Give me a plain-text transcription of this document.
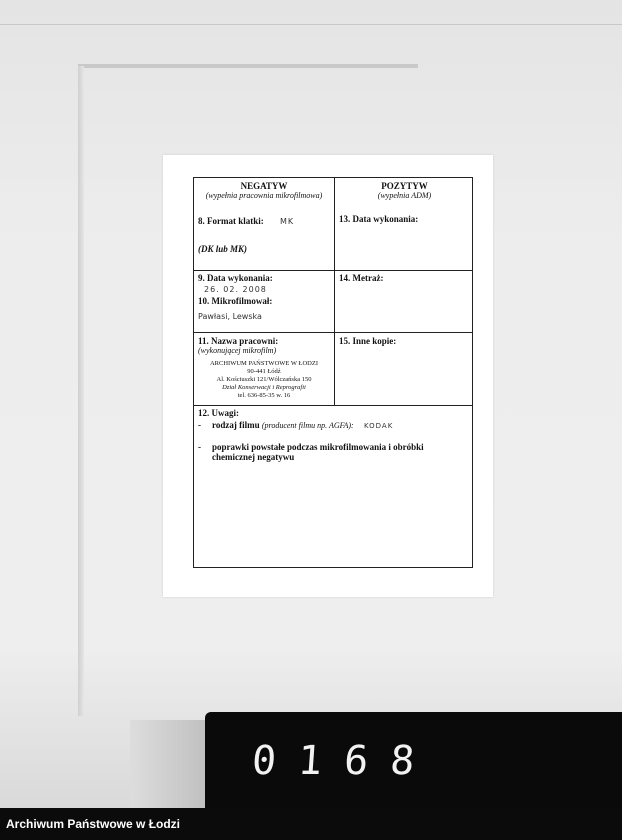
NEGATYW
(wypełnia pracownia mikrofilmowa)
8. Format klatki: MK
(DK lub MK)
POZYTYW
(wypełnia ADM)
13. Data wykonania:
9. Data wykonania:
26. 02. 2008
10. Mikrofilmował:
Pawłasi, Lewska
14. Metraż:
11. Nazwa pracowni:
(wykonującej mikrofilm)
ARCHIWUM PAŃSTWOWE W ŁODZI
90-441 Łódź
Al. Kościuszki 121/Wólczańska 150
Dział Konserwacji i Reprografii
tel. 636-85-35 w. 16
15. Inne kopie:
12. Uwagi:
- rodzaj filmu (producent filmu np. AGFA): KODAK
-	poprawki powstałe podczas mikrofilmowania i obróbki chemicznej negatywu
0168
Archiwum Państwowe w Łodzi
